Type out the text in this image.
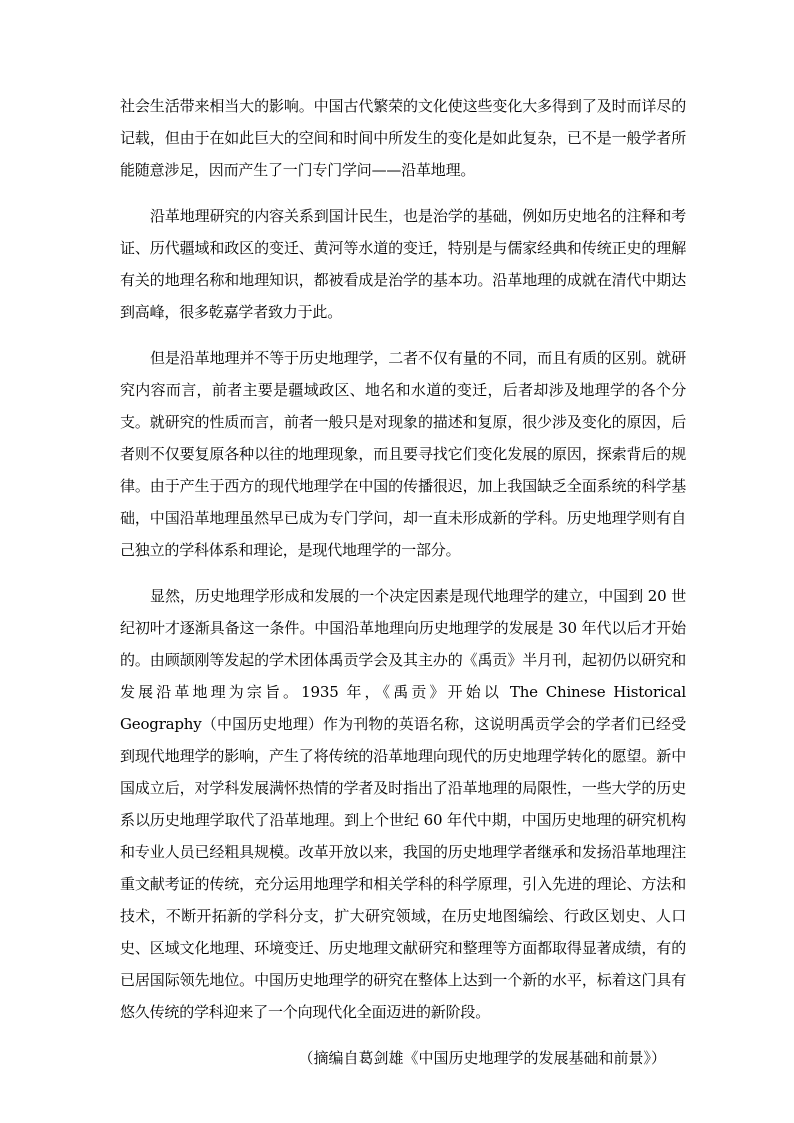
社会生活带来相当大的影响。中国古代繁荣的文化使这些变化大多得到了及时而详尽的记载，但由于在如此巨大的空间和时间中所发生的变化是如此复杂，已不是一般学者所能随意涉足，因而产生了一门专门学问——沿革地理。

沿革地理研究的内容关系到国计民生，也是治学的基础，例如历史地名的注释和考证、历代疆域和政区的变迁、黄河等水道的变迁，特别是与儒家经典和传统正史的理解有关的地理名称和地理知识，都被看成是治学的基本功。沿革地理的成就在清代中期达到高峰，很多乾嘉学者致力于此。

但是沿革地理并不等于历史地理学，二者不仅有量的不同，而且有质的区别。就研究内容而言，前者主要是疆域政区、地名和水道的变迁，后者却涉及地理学的各个分支。就研究的性质而言，前者一般只是对现象的描述和复原，很少涉及变化的原因，后者则不仅要复原各种以往的地理现象，而且要寻找它们变化发展的原因，探索背后的规律。由于产生于西方的现代地理学在中国的传播很迟，加上我国缺乏全面系统的科学基础，中国沿革地理虽然早已成为专门学问，却一直未形成新的学科。历史地理学则有自己独立的学科体系和理论，是现代地理学的一部分。

显然，历史地理学形成和发展的一个决定因素是现代地理学的建立，中国到 20 世纪初叶才逐渐具备这一条件。中国沿革地理向历史地理学的发展是 30 年代以后才开始的。由顾颉刚等发起的学术团体禹贡学会及其主办的《禹贡》半月刊，起初仍以研究和发展沿革地理为宗旨。1935 年，《禹贡》开始以 The Chinese Historical Geography（中国历史地理）作为刊物的英语名称，这说明禹贡学会的学者们已经受到现代地理学的影响，产生了将传统的沿革地理向现代的历史地理学转化的愿望。新中国成立后，对学科发展满怀热情的学者及时指出了沿革地理的局限性，一些大学的历史系以历史地理学取代了沿革地理。到上个世纪 60 年代中期，中国历史地理的研究机构和专业人员已经粗具规模。改革开放以来，我国的历史地理学者继承和发扬沿革地理注重文献考证的传统，充分运用地理学和相关学科的科学原理，引入先进的理论、方法和技术，不断开拓新的学科分支，扩大研究领域，在历史地图编绘、行政区划史、人口史、区域文化地理、环境变迁、历史地理文献研究和整理等方面都取得显著成绩，有的已居国际领先地位。中国历史地理学的研究在整体上达到一个新的水平，标着这门具有悠久传统的学科迎来了一个向现代化全面迈进的新阶段。

（摘编自葛剑雄《中国历史地理学的发展基础和前景》）
